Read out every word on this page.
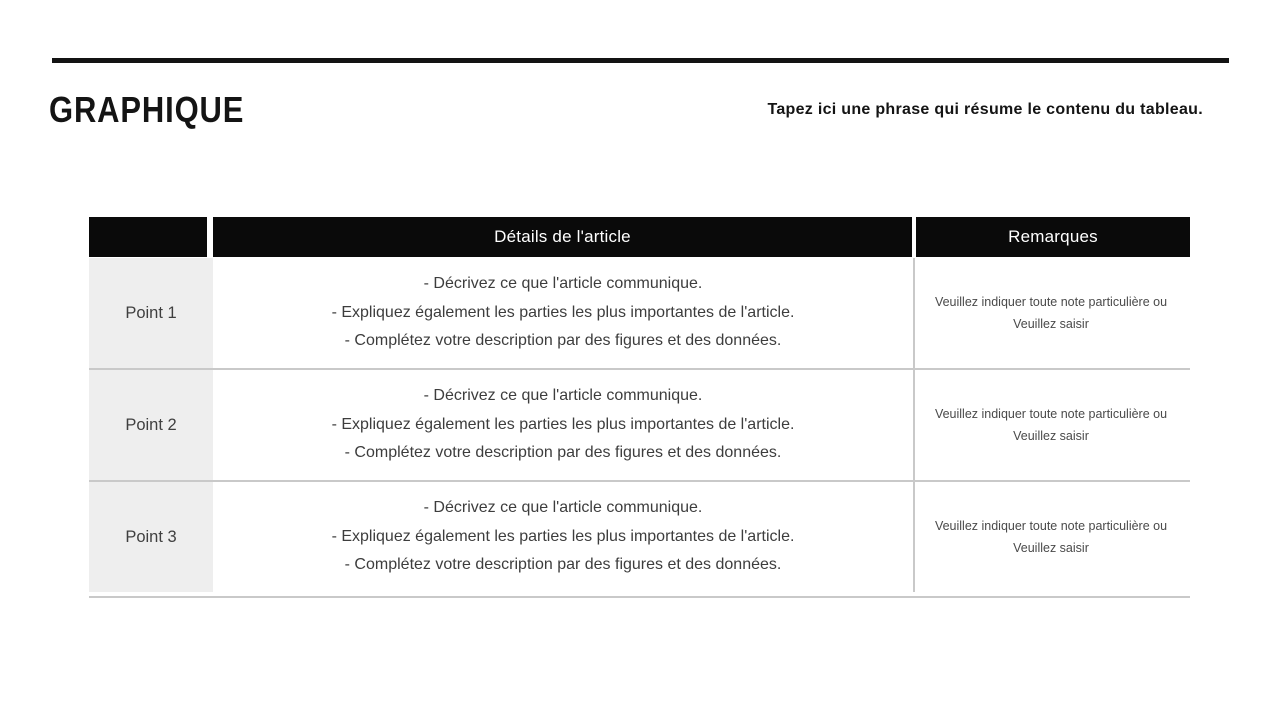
GRAPHIQUE	Tapez ici une phrase qui résume le contenu du tableau.
Détails de l'article	Remarques
Point 1
- Décrivez ce que l'article communique.
- Expliquez également les parties les plus importantes de l'article.
- Complétez votre description par des figures et des données.
Veuillez indiquer toute note particulière ou
Veuillez saisir
Point 2
- Décrivez ce que l'article communique.
- Expliquez également les parties les plus importantes de l'article.
- Complétez votre description par des figures et des données.
Veuillez indiquer toute note particulière ou
Veuillez saisir
Point 3
- Décrivez ce que l'article communique.
- Expliquez également les parties les plus importantes de l'article.
- Complétez votre description par des figures et des données.
Veuillez indiquer toute note particulière ou
Veuillez saisir
